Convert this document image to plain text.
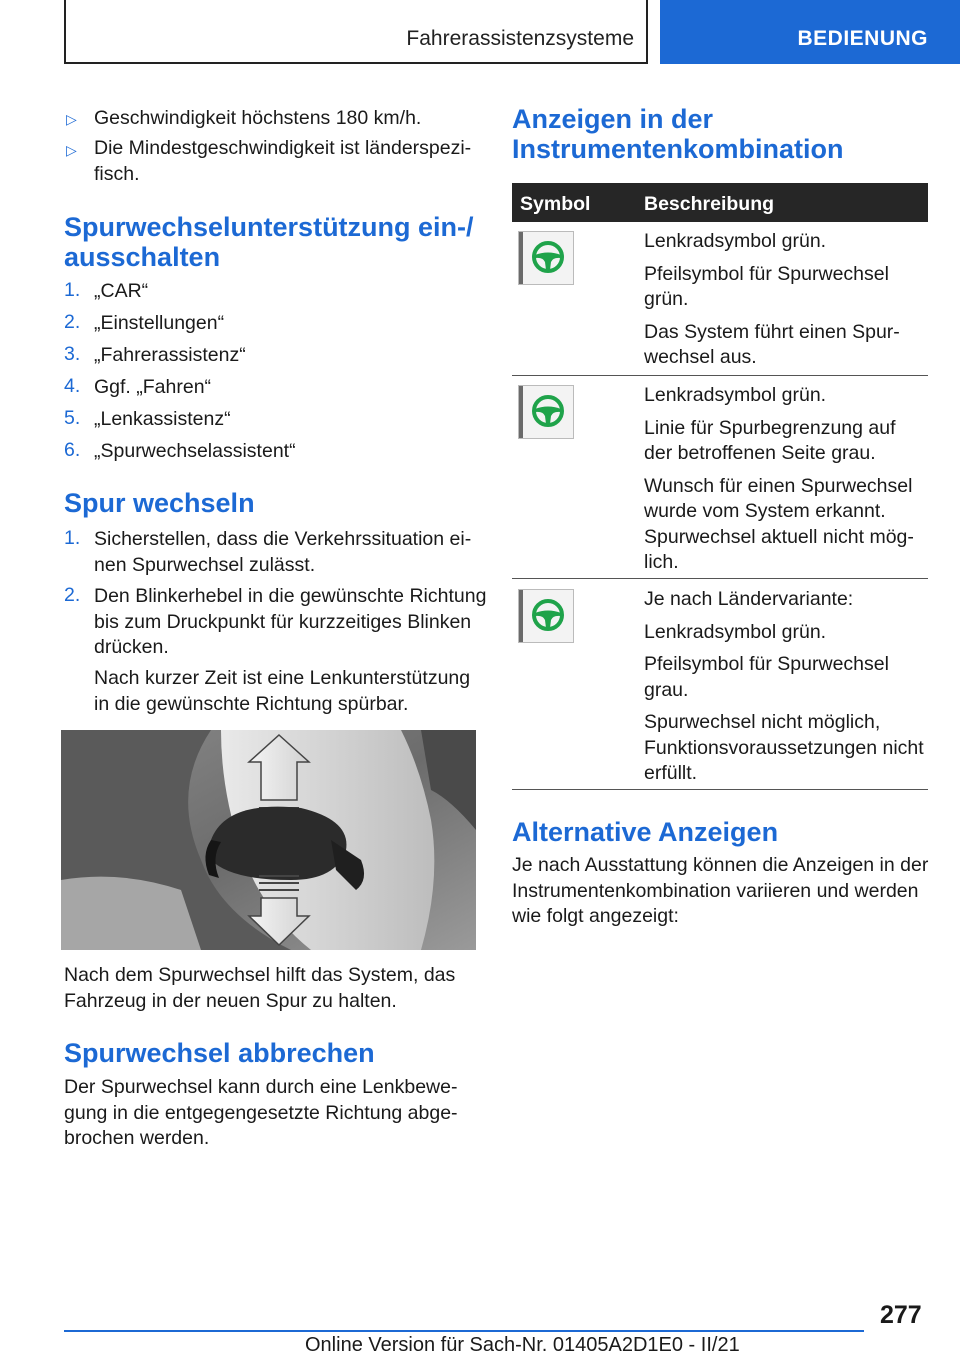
Fahrerassistenzsysteme	BEDIENUNG
▷ Geschwindigkeit höchstens 180 km/h.
▷ Die Mindestgeschwindigkeit ist länderspezi-
fisch.
Spurwechselunterstützung ein-/
ausschalten
1. „CAR“
2. „Einstellungen“
3. „Fahrerassistenz“
4. Ggf. „Fahren“
5. „Lenkassistenz“
6. „Spurwechselassistent“
Spur wechseln
1. Sicherstellen, dass die Verkehrssituation ei-
nen Spurwechsel zulässt.
2. Den Blinkerhebel in die gewünschte Richtung
bis zum Druckpunkt für kurzzeitiges Blinken
drücken.
Nach kurzer Zeit ist eine Lenkunterstützung
in die gewünschte Richtung spürbar.
Nach dem Spurwechsel hilft das System, das
Fahrzeug in der neuen Spur zu halten.
Spurwechsel abbrechen
Der Spurwechsel kann durch eine Lenkbewe-
gung in die entgegengesetzte Richtung abge-
brochen werden.
Anzeigen in der
Instrumentenkombination
Symbol	Beschreibung
Lenkradsymbol grün.
Pfeilsymbol für Spurwechsel
grün.
Das System führt einen Spur-
wechsel aus.
Lenkradsymbol grün.
Linie für Spurbegrenzung auf
der betroffenen Seite grau.
Wunsch für einen Spurwechsel
wurde vom System erkannt.
Spurwechsel aktuell nicht mög-
lich.
Je nach Ländervariante:
Lenkradsymbol grün.
Pfeilsymbol für Spurwechsel
grau.
Spurwechsel nicht möglich,
Funktionsvoraussetzungen nicht
erfüllt.
Alternative Anzeigen
Je nach Ausstattung können die Anzeigen in der
Instrumentenkombination variieren und werden
wie folgt angezeigt:
277
Online Version für Sach-Nr. 01405A2D1E0 - II/21
